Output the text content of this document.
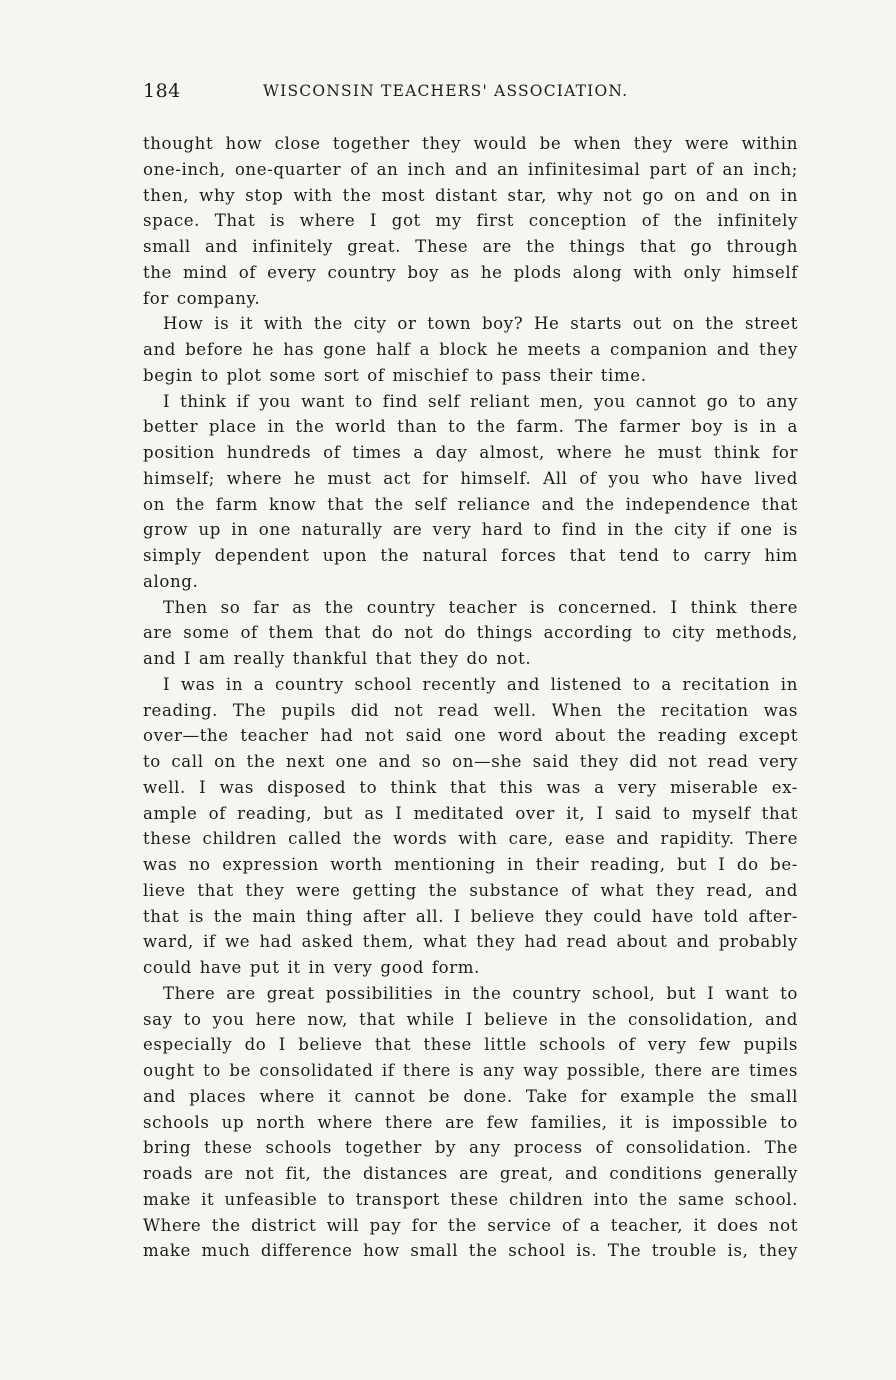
184	WISCONSIN TEACHERS' ASSOCIATION.
thought how close together they would be when they were within
one-inch, one-quarter of an inch and an infinitesimal part of an inch;
then, why stop with the most distant star, why not go on and on in
space. That is where I got my first conception of the infinitely
small and infinitely great. These are the things that go through
the mind of every country boy as he plods along with only himself
for company.
How is it with the city or town boy? He starts out on the street
and before he has gone half a block he meets a companion and they
begin to plot some sort of mischief to pass their time.
I think if you want to find self reliant men, you cannot go to any
better place in the world than to the farm. The farmer boy is in a
position hundreds of times a day almost, where he must think for
himself; where he must act for himself. All of you who have lived
on the farm know that the self reliance and the independence that
grow up in one naturally are very hard to find in the city if one is
simply dependent upon the natural forces that tend to carry him
along.
Then so far as the country teacher is concerned. I think there
are some of them that do not do things according to city methods,
and I am really thankful that they do not.
I was in a country school recently and listened to a recitation in
reading. The pupils did not read well. When the recitation was
over—the teacher had not said one word about the reading except
to call on the next one and so on—she said they did not read very
well. I was disposed to think that this was a very miserable ex-
ample of reading, but as I meditated over it, I said to myself that
these children called the words with care, ease and rapidity. There
was no expression worth mentioning in their reading, but I do be-
lieve that they were getting the substance of what they read, and
that is the main thing after all. I believe they could have told after-
ward, if we had asked them, what they had read about and probably
could have put it in very good form.
There are great possibilities in the country school, but I want to
say to you here now, that while I believe in the consolidation, and
especially do I believe that these little schools of very few pupils
ought to be consolidated if there is any way possible, there are times
and places where it cannot be done. Take for example the small
schools up north where there are few families, it is impossible to
bring these schools together by any process of consolidation. The
roads are not fit, the distances are great, and conditions generally
make it unfeasible to transport these children into the same school.
Where the district will pay for the service of a teacher, it does not
make much difference how small the school is. The trouble is, they
